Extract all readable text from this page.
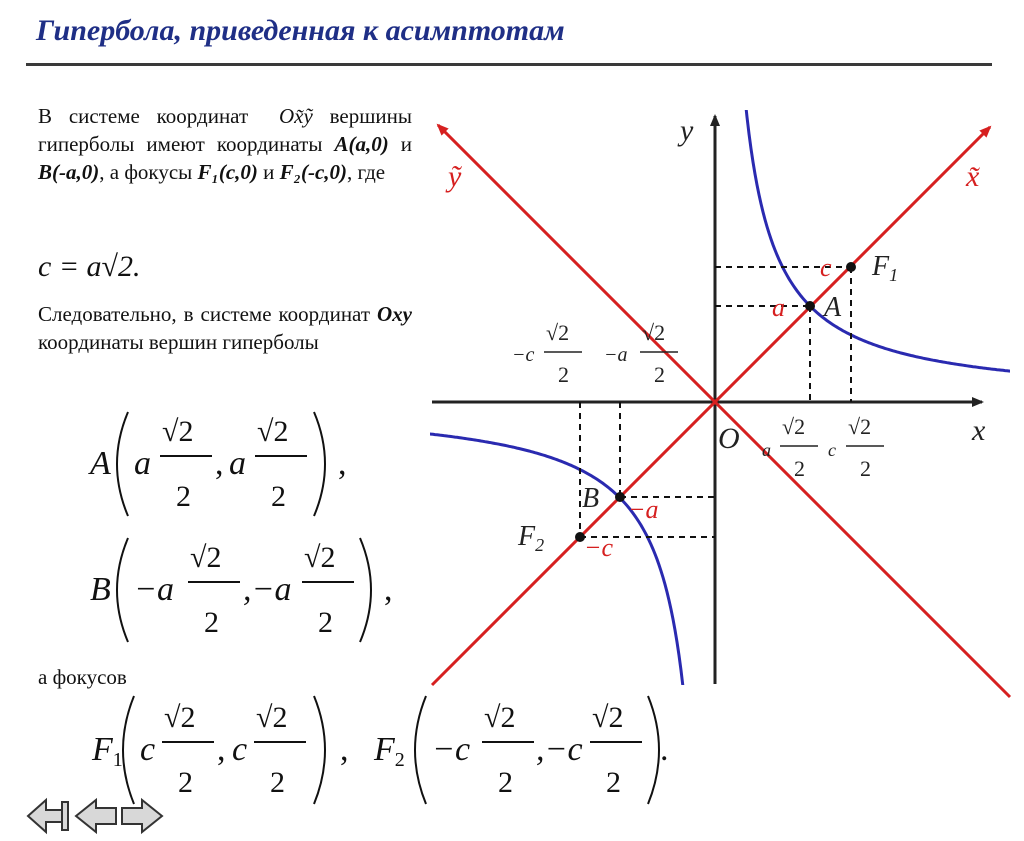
Гипербола, приведенная к асимптотам
В системе координат Ox̃ỹ вершины гиперболы имеют координаты A(a,0) и B(-a,0), а фокусы F₁(c,0) и F₂(-c,0), где
c = a√2.
Следовательно, в системе координат Oxy координаты вершин гиперболы
а фокусов
A a
√2
2
, a
√2
2
,
B −a
√2
2
,−a
√2
2
,
F1 c
√2
2
, c
√2
2
, F2 −c
√2
2
,−c
√2
2
.
y
x
ỹ	x̃
O
A
B
$F_1$
$F_2$
c
a
−a
−c
−c
√2
2
−a
√2
2
a
√2
2
c
√2
2
